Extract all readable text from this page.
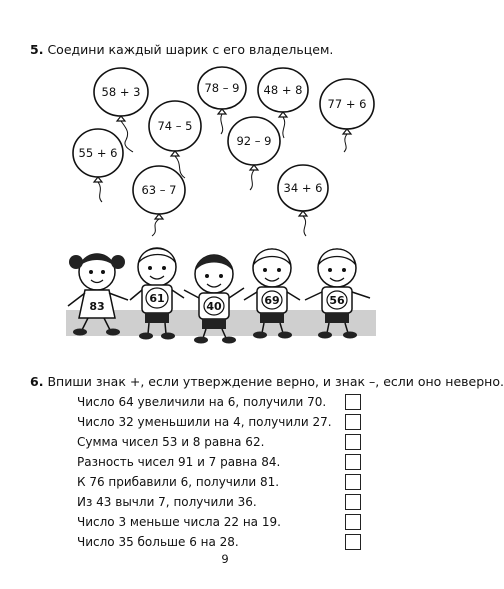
5. Соедини каждый шарик с его владельцем.
58 + 3	78 – 9 48 + 8
77 + 6
74 – 5
92 – 9
55 + 6
63 – 7	34 + 6
83
61
40	69	56
6. Впиши знак +, если утверждение верно, и знак –, если оно неверно.
Число 64 увеличили на 6, получили 70.
Число 32 уменьшили на 4, получили 27.
Сумма чисел 53 и 8 равна 62.
Разность чисел 91 и 7 равна 84.
К 76 прибавили 6, получили 81.
Из 43 вычли 7, получили 36.
Число 3 меньше числа 22 на 19.
Число 35 больше 6 на 28.
9
